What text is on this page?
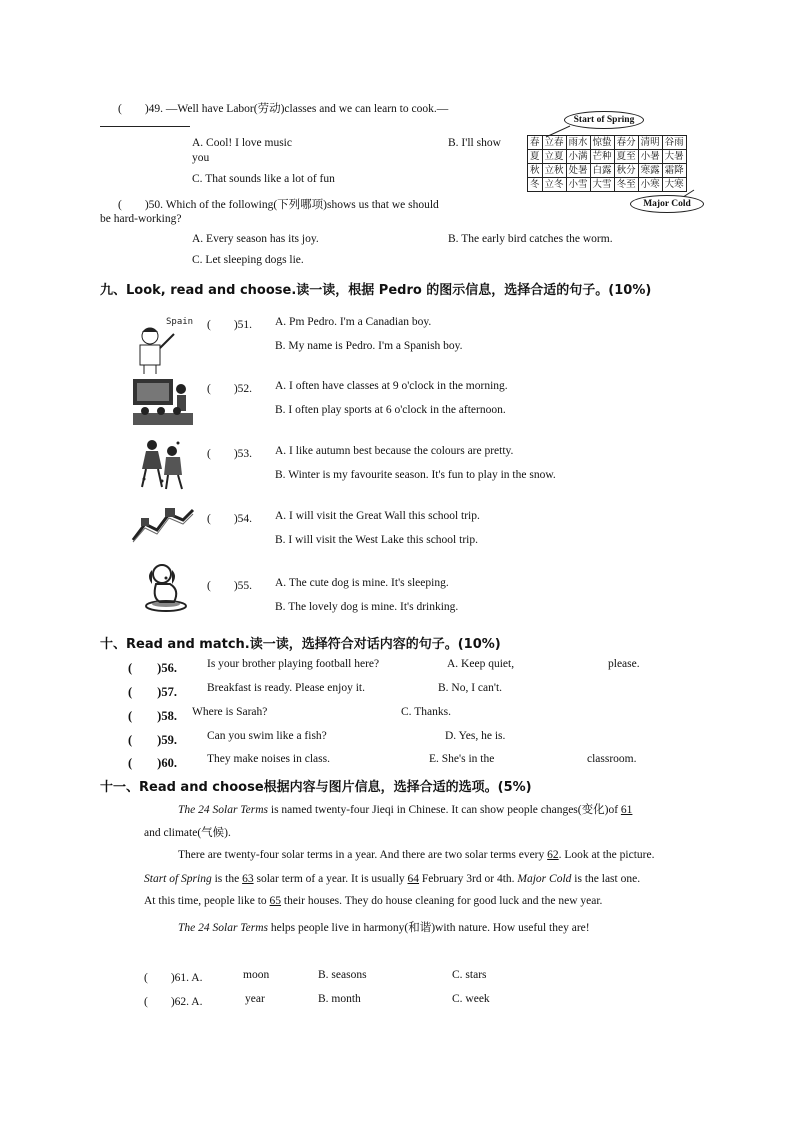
(　　)49. —Well have Labor(劳动)classes and we can learn to cook.—
A. Cool! I love music	B. I'll show
you
C. That sounds like a lot of fun
Start of Spring
春	立春	雨水	惊蛰	春分	清明	谷雨
夏	立夏	小满	芒种	夏至	小暑	大暑
秋	立秋	处暑	白露	秋分	寒露	霜降
冬	立冬	小雪	大雪	冬至	小寒	大寒
Major Cold
(　　)50. Which of the following(下列哪项)shows us that we should
be hard-working?
A. Every season has its joy.	B. The early bird catches the worm.
C. Let sleeping dogs lie.
九、Look, read and choose.读一读，根据 Pedro 的图示信息，选择合适的句子。(10%)
Spain (　　)51. A. Pm Pedro. I'm a Canadian boy.
B. My name is Pedro. I'm a Spanish boy.
(　　)52. A. I often have classes at 9 o'clock in the morning.
B. I often play sports at 6 o'clock in the afternoon.
(　　)53. A. I like autumn best because the colours are pretty.
B. Winter is my favourite season. It's fun to play in the snow.
(　　)54. A. I will visit the Great Wall this school trip.
B. I will visit the West Lake this school trip.
(　　)55. A. The cute dog is mine. It's sleeping.
B. The lovely dog is mine. It's drinking.
十、Read and match.读一读，选择符合对话内容的句子。(10%)
(　　)56.	Is your brother playing football here?	A. Keep quiet,	please.
(　　)57.	Breakfast is ready. Please enjoy it.	B. No, I can't.
(　　)58. Where is Sarah?	C. Thanks.
(　　)59.	Can you swim like a fish?	D. Yes, he is.
(　　)60.	They make noises in class.	E. She's in the	classroom.
十一、Read and choose根据内容与图片信息，选择合适的选项。(5%)
The 24 Solar Terms is named twenty-four Jieqi in Chinese. It can show people changes(变化)of 61
and climate(气候).
There are twenty-four solar terms in a year. And there are two solar terms every 62. Look at the picture.
Start of Spring is the 63 solar term of a year. It is usually 64 February 3rd or 4th. Major Cold is the last one.
At this time, people like to 65 their houses. They do house cleaning for good luck and the new year.
The 24 Solar Terms helps people live in harmony(和谐)with nature. How useful they are!
(　　)61. A.	moon	B. seasons	C. stars
(　　)62. A.	year	B. month	C. week
